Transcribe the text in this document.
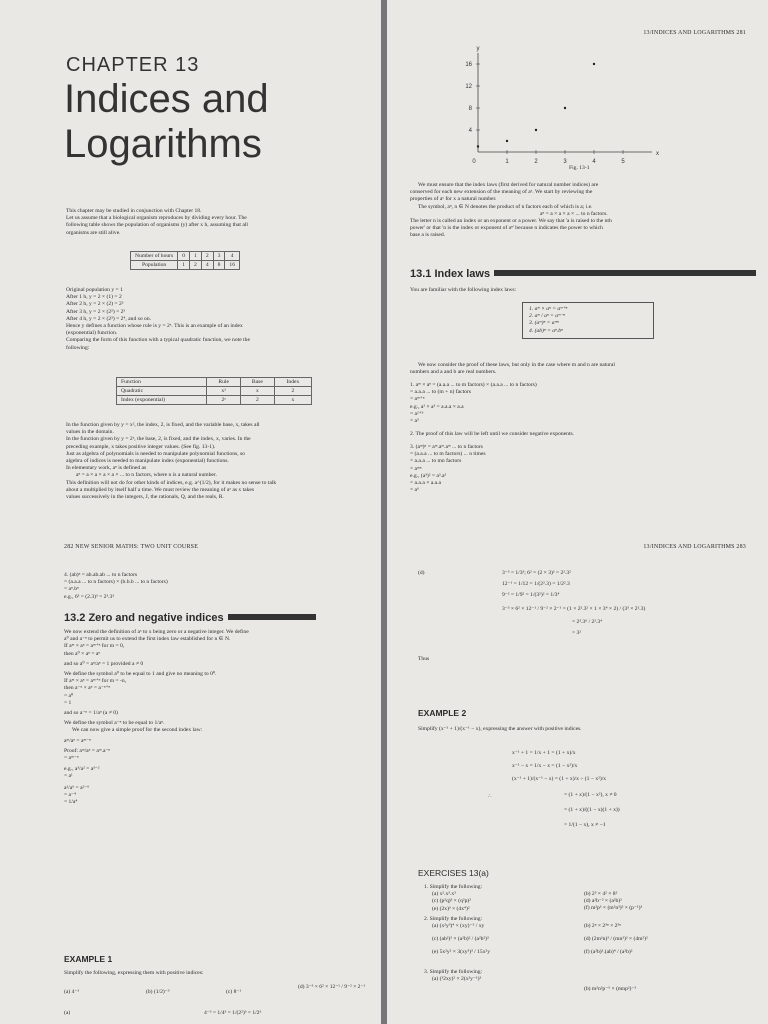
CHAPTER 13
Indices and
Logarithms
This chapter may be studied in conjunction with Chapter 18.
Let us assume that a biological organism reproduces by dividing every hour. The
following table shows the population of organisms (y) after x h, assuming that all
organisms are still alive.
Number of hours	0	1	2	3	4
Population	1	2	4	8	16
Original population y = 1
After 1 h, y = 2 × (1) = 2
After 2 h, y = 2 × (2) = 2²
After 3 h, y = 2 × (2²) = 2³
After 4 h, y = 2 × (2³) = 2⁴, and so on.
Hence y defines a function whose rule is y = 2ˣ. This is an example of an index
(exponential) function.
Comparing the form of this function with a typical quadratic function, we note the
following:
Function	Rule	Base	Index
Quadratic	x²	x	2
Index (exponential)	2ˣ	2	x
In the function given by y = x², the index, 2, is fixed, and the variable base, x, takes all
values in the domain.
In the function given by y = 2ˣ, the base, 2, is fixed, and the index, x, varies. In the
preceding example, x takes positive integer values. (See fig. 13-1).
Just as algebra of polynomials is needed to manipulate polynomial functions, so
algebra of indices is needed to manipulate index (exponential) functions.
In elementary work, aⁿ is defined as
aⁿ = a × a × a × a × ... to n factors, where n is a natural number.
This definition will not do for other kinds of indices, e.g. a^(1/2), for it makes no sense to talk
about a multiplied by itself half a time. We must review the meaning of aˣ as x takes
values successively in the integers, J, the rationals, Q, and the reals, R.
13/INDICES AND LOGARITHMS 281
x
y
0	1	2	3	4	5
4
8
12
16
Fig. 13-1
We must ensure that the index laws (first derived for natural number indices) are
conserved for each new extension of the meaning of aˣ. We start by reviewing the
properties of aˣ for x a natural number.
The symbol, aⁿ, n ∈ N denotes the product of n factors each of which is a; i.e.
aⁿ = a × a × a × ... to n factors.
The letter n is called an index or an exponent or a power. We say that 'a is raised to the nth
power' or that 'n is the index or exponent of aⁿ' because n indicates the power to which
base a is raised.
13.1 Index laws
You are familiar with the following index laws:
1. aᵐ × aⁿ = aᵐ⁺ⁿ
2. aᵐ / aⁿ = aᵐ⁻ⁿ
3. (aᵐ)ⁿ = aᵐⁿ
4. (ab)ⁿ = aⁿ.bⁿ
We now consider the proof of these laws, but only in the case where m and n are natural
numbers and a and b are real numbers.
1. aᵐ × aⁿ = (a.a.a ... to m factors) × (a.a.a ... to n factors)
= a.a.a ... to (m + n) factors
= aᵐ⁺ⁿ
e.g., a² × a³ = a.a.a × a.a
= a²⁺³
= a⁵
2. The proof of this law will be left until we consider negative exponents.
3. (aᵐ)ⁿ = aᵐ.aᵐ.aᵐ ... to n factors
= (a.a.a ... to m factors) ... n times
= a.a.a ... to mn factors
= aᵐⁿ
e.g., (a³)² = a³.a³
= a.a.a × a.a.a
= a⁶
282 NEW SENIOR MATHS: TWO UNIT COURSE
4. (ab)ⁿ = ab.ab.ab ... to n factors
= (a.a.a ... to n factors) × (b.b.b ... to n factors)
= aⁿ.bⁿ
e.g., 6³ = (2.3)³ = 2³.3³
13.2 Zero and negative indices
We now extend the definition of aˣ to x being zero or a negative integer. We define
a⁰ and a⁻ⁿ to permit us to extend the first index law established for n ∈ N.
If aᵐ × aⁿ = aᵐ⁺ⁿ for m = 0,
then a⁰ × aⁿ = aⁿ
and so a⁰ = aⁿ/aⁿ = 1 provided a ≠ 0
We define the symbol a⁰ to be equal to 1 and give no meaning to 0⁰.
If aᵐ × aⁿ = aᵐ⁺ⁿ for m = -n,
then a⁻ⁿ × aⁿ = a⁻ⁿ⁺ⁿ
= a⁰
= 1
and so a⁻ⁿ = 1/aⁿ (a ≠ 0)
We define the symbol a⁻ⁿ to be equal to 1/aⁿ.
We can now give a simple proof for the second index law:
aᵐ/aⁿ = aᵐ⁻ⁿ
Proof: aᵐ/aⁿ = aᵐ.a⁻ⁿ
= aᵐ⁻ⁿ
e.g., a³/a² = a³⁻²
= a¹
a²/a⁶ = a²⁻⁶
= a⁻⁴
= 1/a⁴
EXAMPLE 1
Simplify the following, expressing them with positive indices:
(a) 4⁻³	(b) (1/2)⁻³	(c) 8⁻¹
(d) 3⁻³ × 6² × 12⁻¹ / 9⁻² × 2⁻¹
(a)	4⁻³ = 1/4³ = 1/(2²)³ = 1/2⁶
13/INDICES AND LOGARITHMS 283
(d)	3⁻³ = 1/3³; 6² = (2 × 3)² = 2².3²
12⁻¹ = 1/12 = 1/(2².3) = 1/2².3
9⁻² = 1/9² = 1/(3²)² = 1/3⁴
3⁻³ × 6² × 12⁻¹ / 9⁻² × 2⁻¹ = (1 × 2².3² × 1 × 3⁴ × 2) / (3³ × 2².3)
= 2³.3⁶ / 2².3⁴
= 3²
Thus
EXAMPLE 2
Simplify (x⁻¹ + 1)/(x⁻¹ − x), expressing the answer with positive indices.
∴
x⁻¹ + 1 = 1/x + 1 = (1 + x)/x
x⁻¹ − x = 1/x − x = (1 − x²)/x
(x⁻¹ + 1)/(x⁻¹ − x) = (1 + x)/x ÷ (1 − x²)/x
= (1 + x)/(1 − x²), x ≠ 0
= (1 + x)/((1 − x)(1 + x))
= 1/(1 − x), x ≠ −1
EXERCISES 13(a)
1. Simplify the following:
(a) x².x³.x⁵
(c) (p²q)³ × (q²p)²
(e) (2x)³ × (4x⁴)²
2. Simplify the following:
(a) (x²y³)⁴ × (xy)⁻⁵ / xy
(c) (ab²)³ × (a²b)² / (a²b²)³
(e) 5x²y² × 3(xy³)³ / 15x²y
3. Simplify the following:
(a) (³2xy)² × 2(x²y⁻¹)³
(b) 2³ × 4² × 8²
(d) a²b⁻² × (a²b)²
(f) m²p³ × (m²n³)³ × (p⁻¹)³
(b) 2ⁿ × 2³ⁿ × 2⁵ⁿ
(d) (2m²n)³ / (mn³)² × (4m²)²
(f) (a²b)³.(ab)⁴ / (a²b)²
(b) m²n²p⁻⁵ × (mnp²)⁻³
